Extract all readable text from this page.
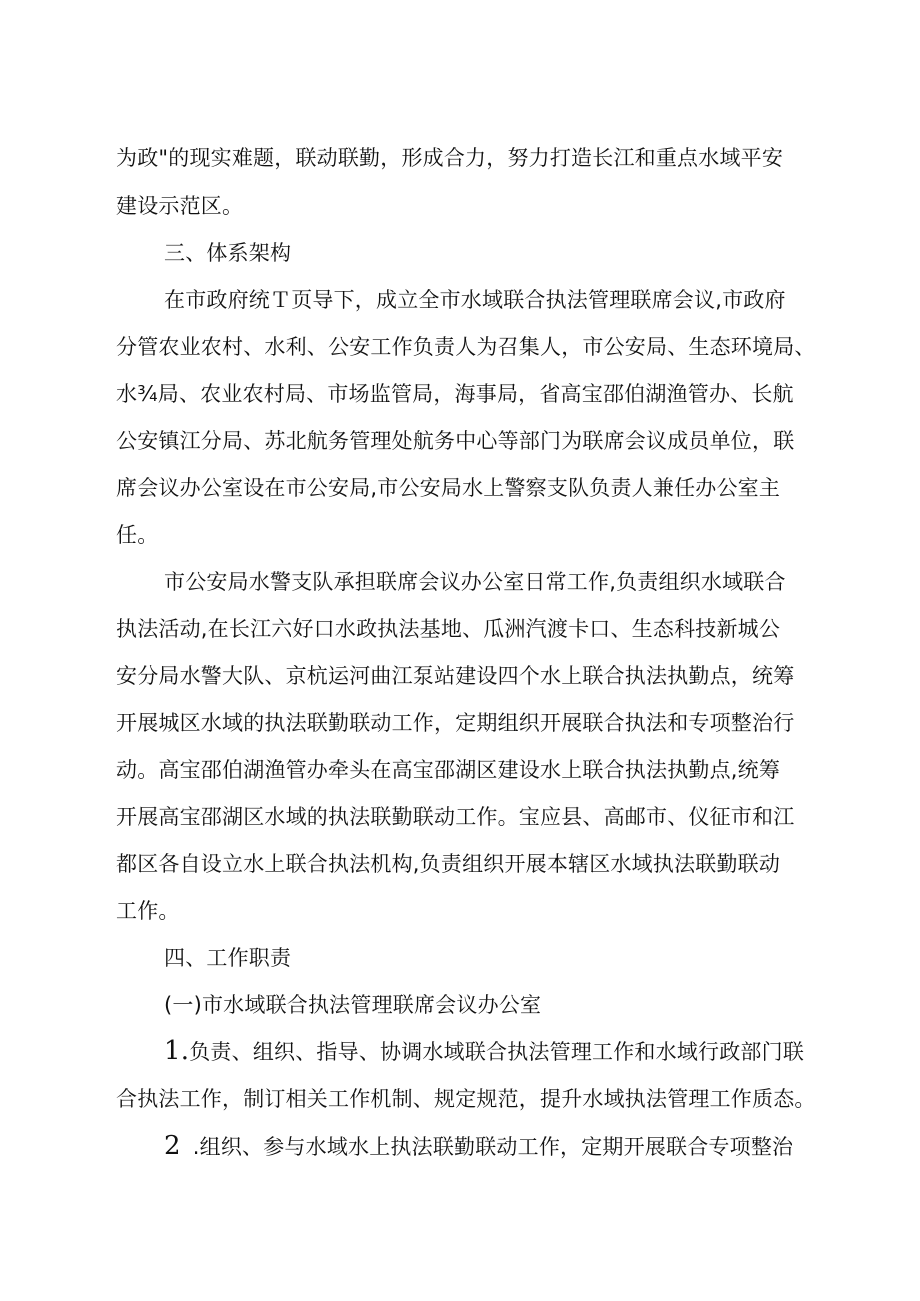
为政"的现实难题，联动联勤，形成合力，努力打造长江和重点水域平安
建设示范区。
三、体系架构
在市政府统Ｔ页导下，成立全市水域联合执法管理联席会议,市政府
分管农业农村、水利、公安工作负责人为召集人，市公安局、生态环境局、
水¾局、农业农村局、市场监管局，海事局，省高宝邵伯湖渔管办、长航
公安镇江分局、苏北航务管理处航务中心等部门为联席会议成员单位，联
席会议办公室设在市公安局,市公安局水上警察支队负责人兼任办公室主
任。
市公安局水警支队承担联席会议办公室日常工作,负责组织水域联合
执法活动,在长江六好口水政执法基地、瓜洲汽渡卡口、生态科技新城公
安分局水警大队、京杭运河曲江泵站建设四个水上联合执法执勤点，统筹
开展城区水域的执法联勤联动工作，定期组织开展联合执法和专项整治行
动。高宝邵伯湖渔管办牵头在高宝邵湖区建设水上联合执法执勤点,统筹
开展高宝邵湖区水域的执法联勤联动工作。宝应县、高邮市、仪征市和江
都区各自设立水上联合执法机构,负责组织开展本辖区水域执法联勤联动
工作。
四、工作职责
(一)市水域联合执法管理联席会议办公室
1.负责、组织、指导、协调水域联合执法管理工作和水域行政部门联
合执法工作，制订相关工作机制、规定规范，提升水域执法管理工作质态。
2 .组织、参与水域水上执法联勤联动工作，定期开展联合专项整治
